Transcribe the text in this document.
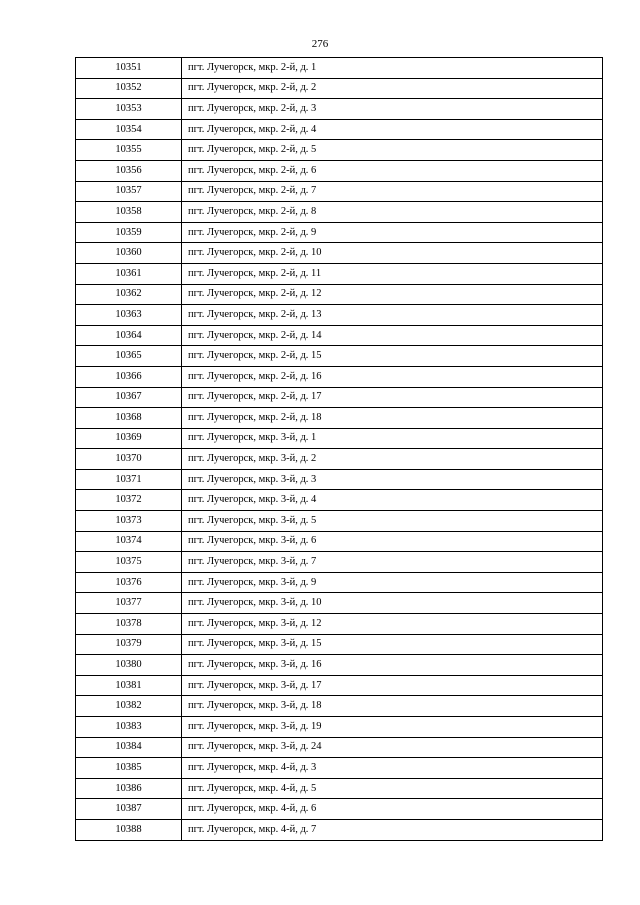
276
10351	пгт. Лучегорск, мкр. 2-й, д. 1
10352	пгт. Лучегорск, мкр. 2-й, д. 2
10353	пгт. Лучегорск, мкр. 2-й, д. 3
10354	пгт. Лучегорск, мкр. 2-й, д. 4
10355	пгт. Лучегорск, мкр. 2-й, д. 5
10356	пгт. Лучегорск, мкр. 2-й, д. 6
10357	пгт. Лучегорск, мкр. 2-й, д. 7
10358	пгт. Лучегорск, мкр. 2-й, д. 8
10359	пгт. Лучегорск, мкр. 2-й, д. 9
10360	пгт. Лучегорск, мкр. 2-й, д. 10
10361	пгт. Лучегорск, мкр. 2-й, д. 11
10362	пгт. Лучегорск, мкр. 2-й, д. 12
10363	пгт. Лучегорск, мкр. 2-й, д. 13
10364	пгт. Лучегорск, мкр. 2-й, д. 14
10365	пгт. Лучегорск, мкр. 2-й, д. 15
10366	пгт. Лучегорск, мкр. 2-й, д. 16
10367	пгт. Лучегорск, мкр. 2-й, д. 17
10368	пгт. Лучегорск, мкр. 2-й, д. 18
10369	пгт. Лучегорск, мкр. 3-й, д. 1
10370	пгт. Лучегорск, мкр. 3-й, д. 2
10371	пгт. Лучегорск, мкр. 3-й, д. 3
10372	пгт. Лучегорск, мкр. 3-й, д. 4
10373	пгт. Лучегорск, мкр. 3-й, д. 5
10374	пгт. Лучегорск, мкр. 3-й, д. 6
10375	пгт. Лучегорск, мкр. 3-й, д. 7
10376	пгт. Лучегорск, мкр. 3-й, д. 9
10377	пгт. Лучегорск, мкр. 3-й, д. 10
10378	пгт. Лучегорск, мкр. 3-й, д. 12
10379	пгт. Лучегорск, мкр. 3-й, д. 15
10380	пгт. Лучегорск, мкр. 3-й, д. 16
10381	пгт. Лучегорск, мкр. 3-й, д. 17
10382	пгт. Лучегорск, мкр. 3-й, д. 18
10383	пгт. Лучегорск, мкр. 3-й, д. 19
10384	пгт. Лучегорск, мкр. 3-й, д. 24
10385	пгт. Лучегорск, мкр. 4-й, д. 3
10386	пгт. Лучегорск, мкр. 4-й, д. 5
10387	пгт. Лучегорск, мкр. 4-й, д. 6
10388	пгт. Лучегорск, мкр. 4-й, д. 7
